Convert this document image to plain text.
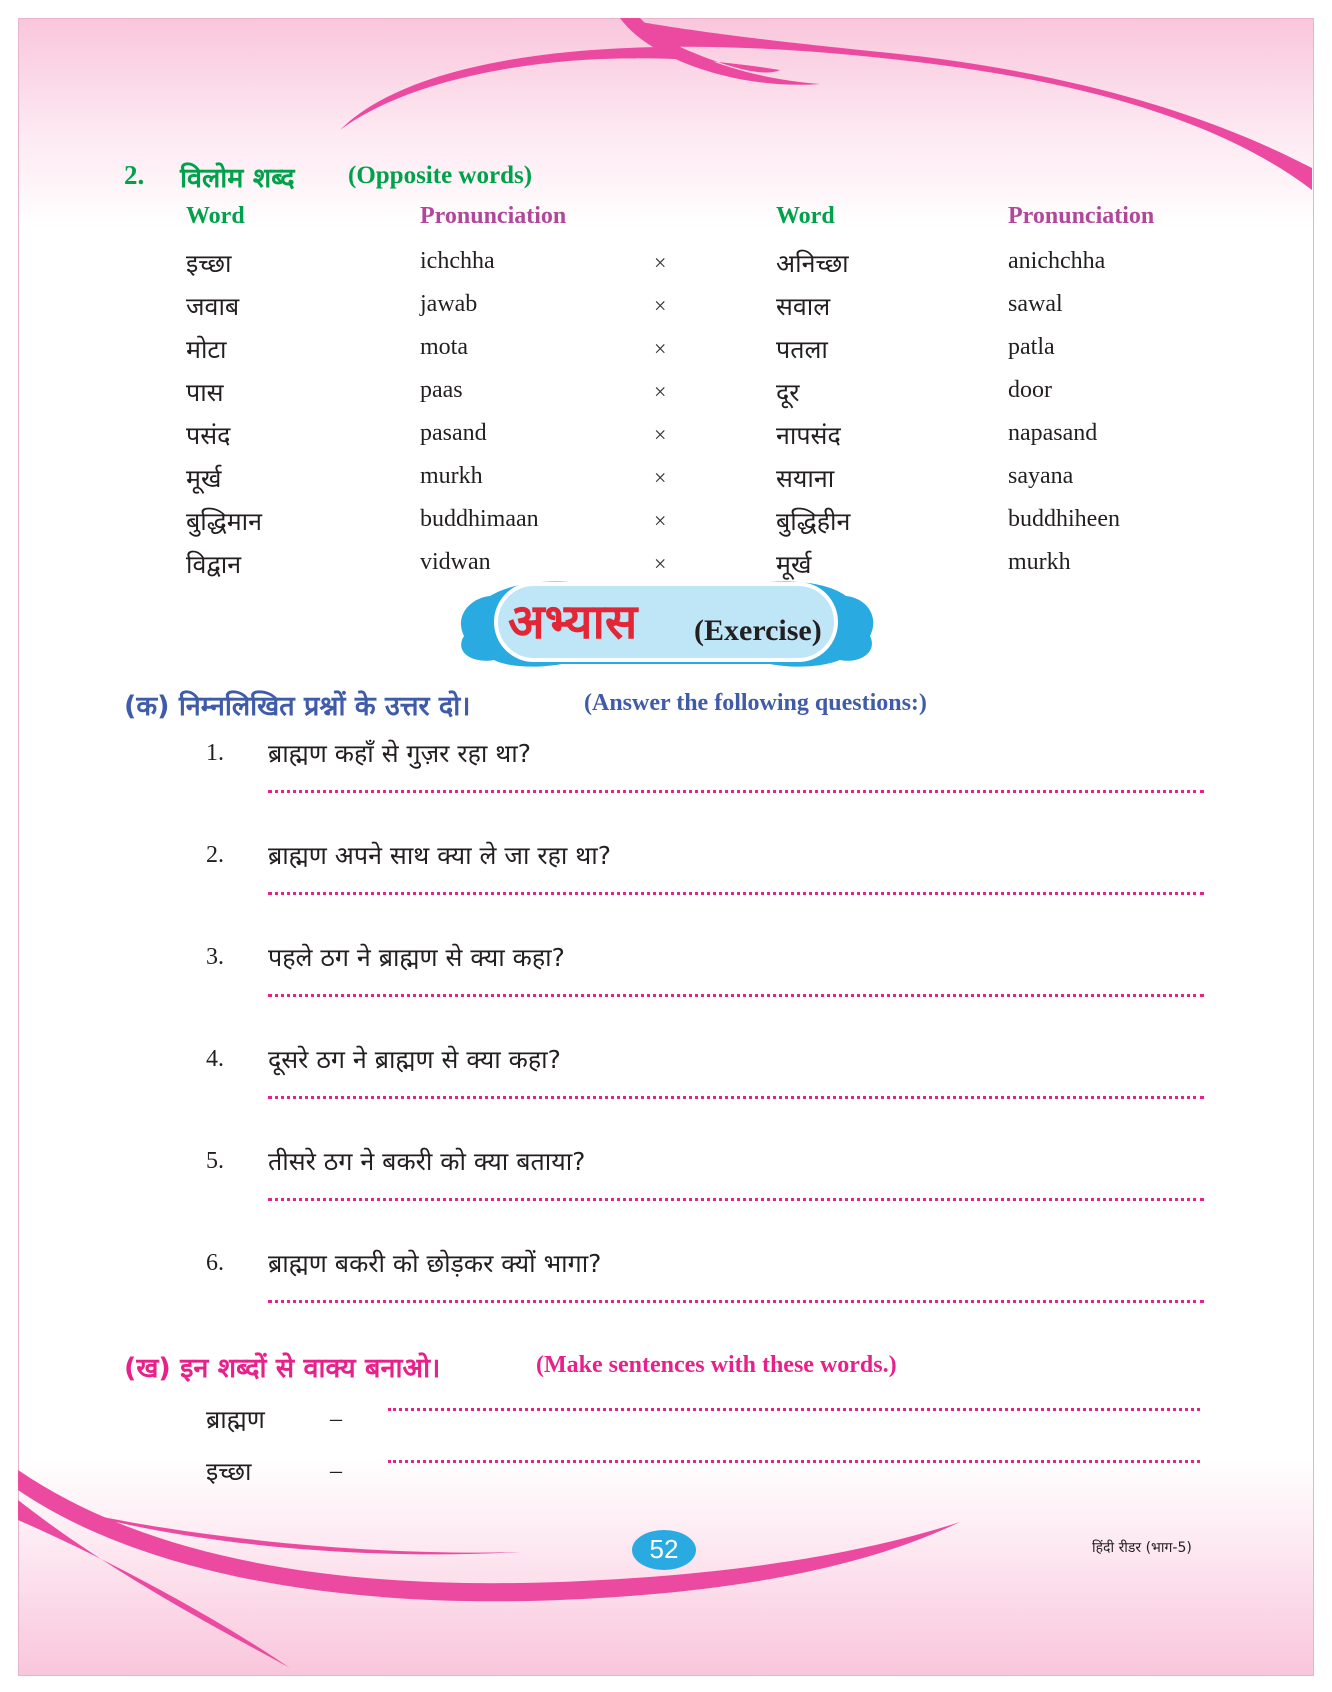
2. विलोम शब्द (Opposite words)
Word	Pronunciation	Word	Pronunciation
इच्छा	ichchha	×	अनिच्छा	anichchha
जवाब	jawab	×	सवाल	sawal
मोटा	mota	×	पतला	patla
पास	paas	×	दूर	door
पसंद	pasand	×	नापसंद	napasand
मूर्ख	murkh	×	सयाना	sayana
बुद्धिमान	buddhimaan	×	बुद्धिहीन	buddhiheen
विद्वान	vidwan	×	मूर्ख	murkh
अभ्यास (Exercise)
(क) निम्नलिखित प्रश्नों के उत्तर दो।	(Answer the following questions:)
1. ब्राह्मण कहाँ से गुज़र रहा था?
2. ब्राह्मण अपने साथ क्या ले जा रहा था?
3. पहले ठग ने ब्राह्मण से क्या कहा?
4. दूसरे ठग ने ब्राह्मण से क्या कहा?
5. तीसरे ठग ने बकरी को क्या बताया?
6. ब्राह्मण बकरी को छोड़कर क्यों भागा?
(ख) इन शब्दों से वाक्य बनाओ।	(Make sentences with these words.)
ब्राह्मण	–
इच्छा	–
52	हिंदी रीडर (भाग-5)
